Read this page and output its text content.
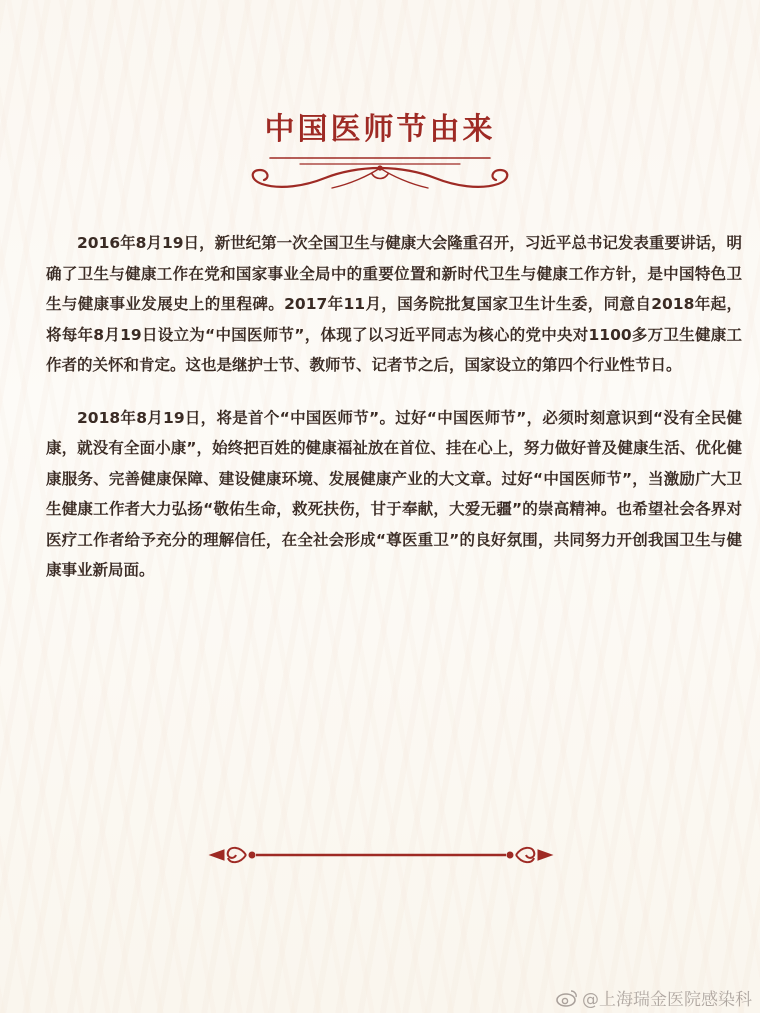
中国医师节由来

2016年8月19日，新世纪第一次全国卫生与健康大会隆重召开，习近平总书记发表重要讲话，明确了卫生与健康工作在党和国家事业全局中的重要位置和新时代卫生与健康工作方针，是中国特色卫生与健康事业发展史上的里程碑。2017年11月，国务院批复国家卫生计生委，同意自2018年起，将每年8月19日设立为“中国医师节”，体现了以习近平同志为核心的党中央对1100多万卫生健康工作者的关怀和肯定。这也是继护士节、教师节、记者节之后，国家设立的第四个行业性节日。

2018年8月19日，将是首个“中国医师节”。过好“中国医师节”，必须时刻意识到“没有全民健康，就没有全面小康”，始终把百姓的健康福祉放在首位、挂在心上，努力做好普及健康生活、优化健康服务、完善健康保障、建设健康环境、发展健康产业的大文章。过好“中国医师节”，当激励广大卫生健康工作者大力弘扬“敬佑生命，救死扶伤，甘于奉献，大爱无疆”的崇高精神。也希望社会各界对医疗工作者给予充分的理解信任，在全社会形成“尊医重卫”的良好氛围，共同努力开创我国卫生与健康事业新局面。

@上海瑞金医院感染科
